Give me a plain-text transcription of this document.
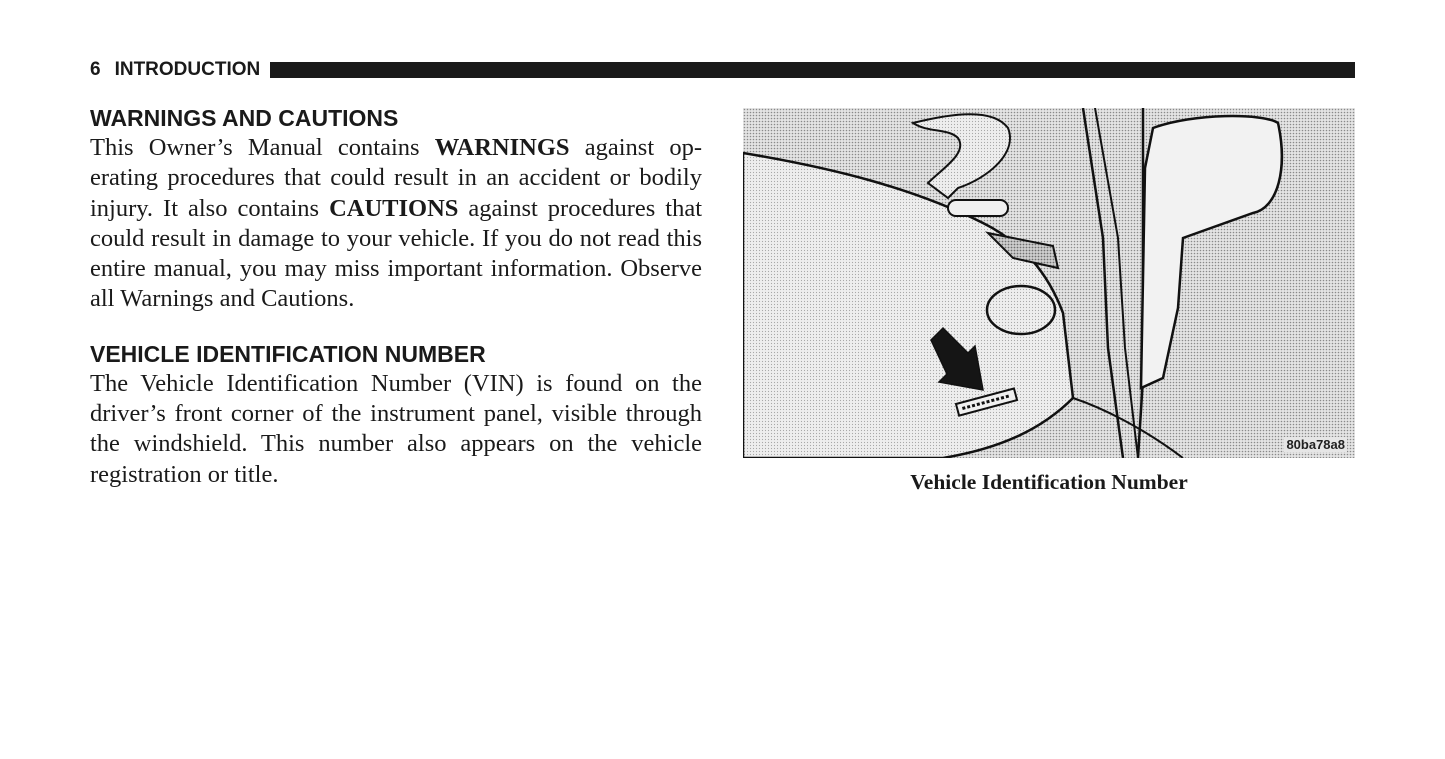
6 INTRODUCTION
WARNINGS AND CAUTIONS

This Owner’s Manual contains WARNINGS against operating procedures that could result in an accident or bodily injury. It also contains CAUTIONS against procedures that could result in damage to your vehicle. If you do not read this entire manual, you may miss important information. Observe all Warnings and Cautions.

VEHICLE IDENTIFICATION NUMBER

The Vehicle Identification Number (VIN) is found on the driver’s front corner of the instrument panel, visible through the windshield. This number also appears on the vehicle registration or title.

80ba78a8
Vehicle Identification Number
